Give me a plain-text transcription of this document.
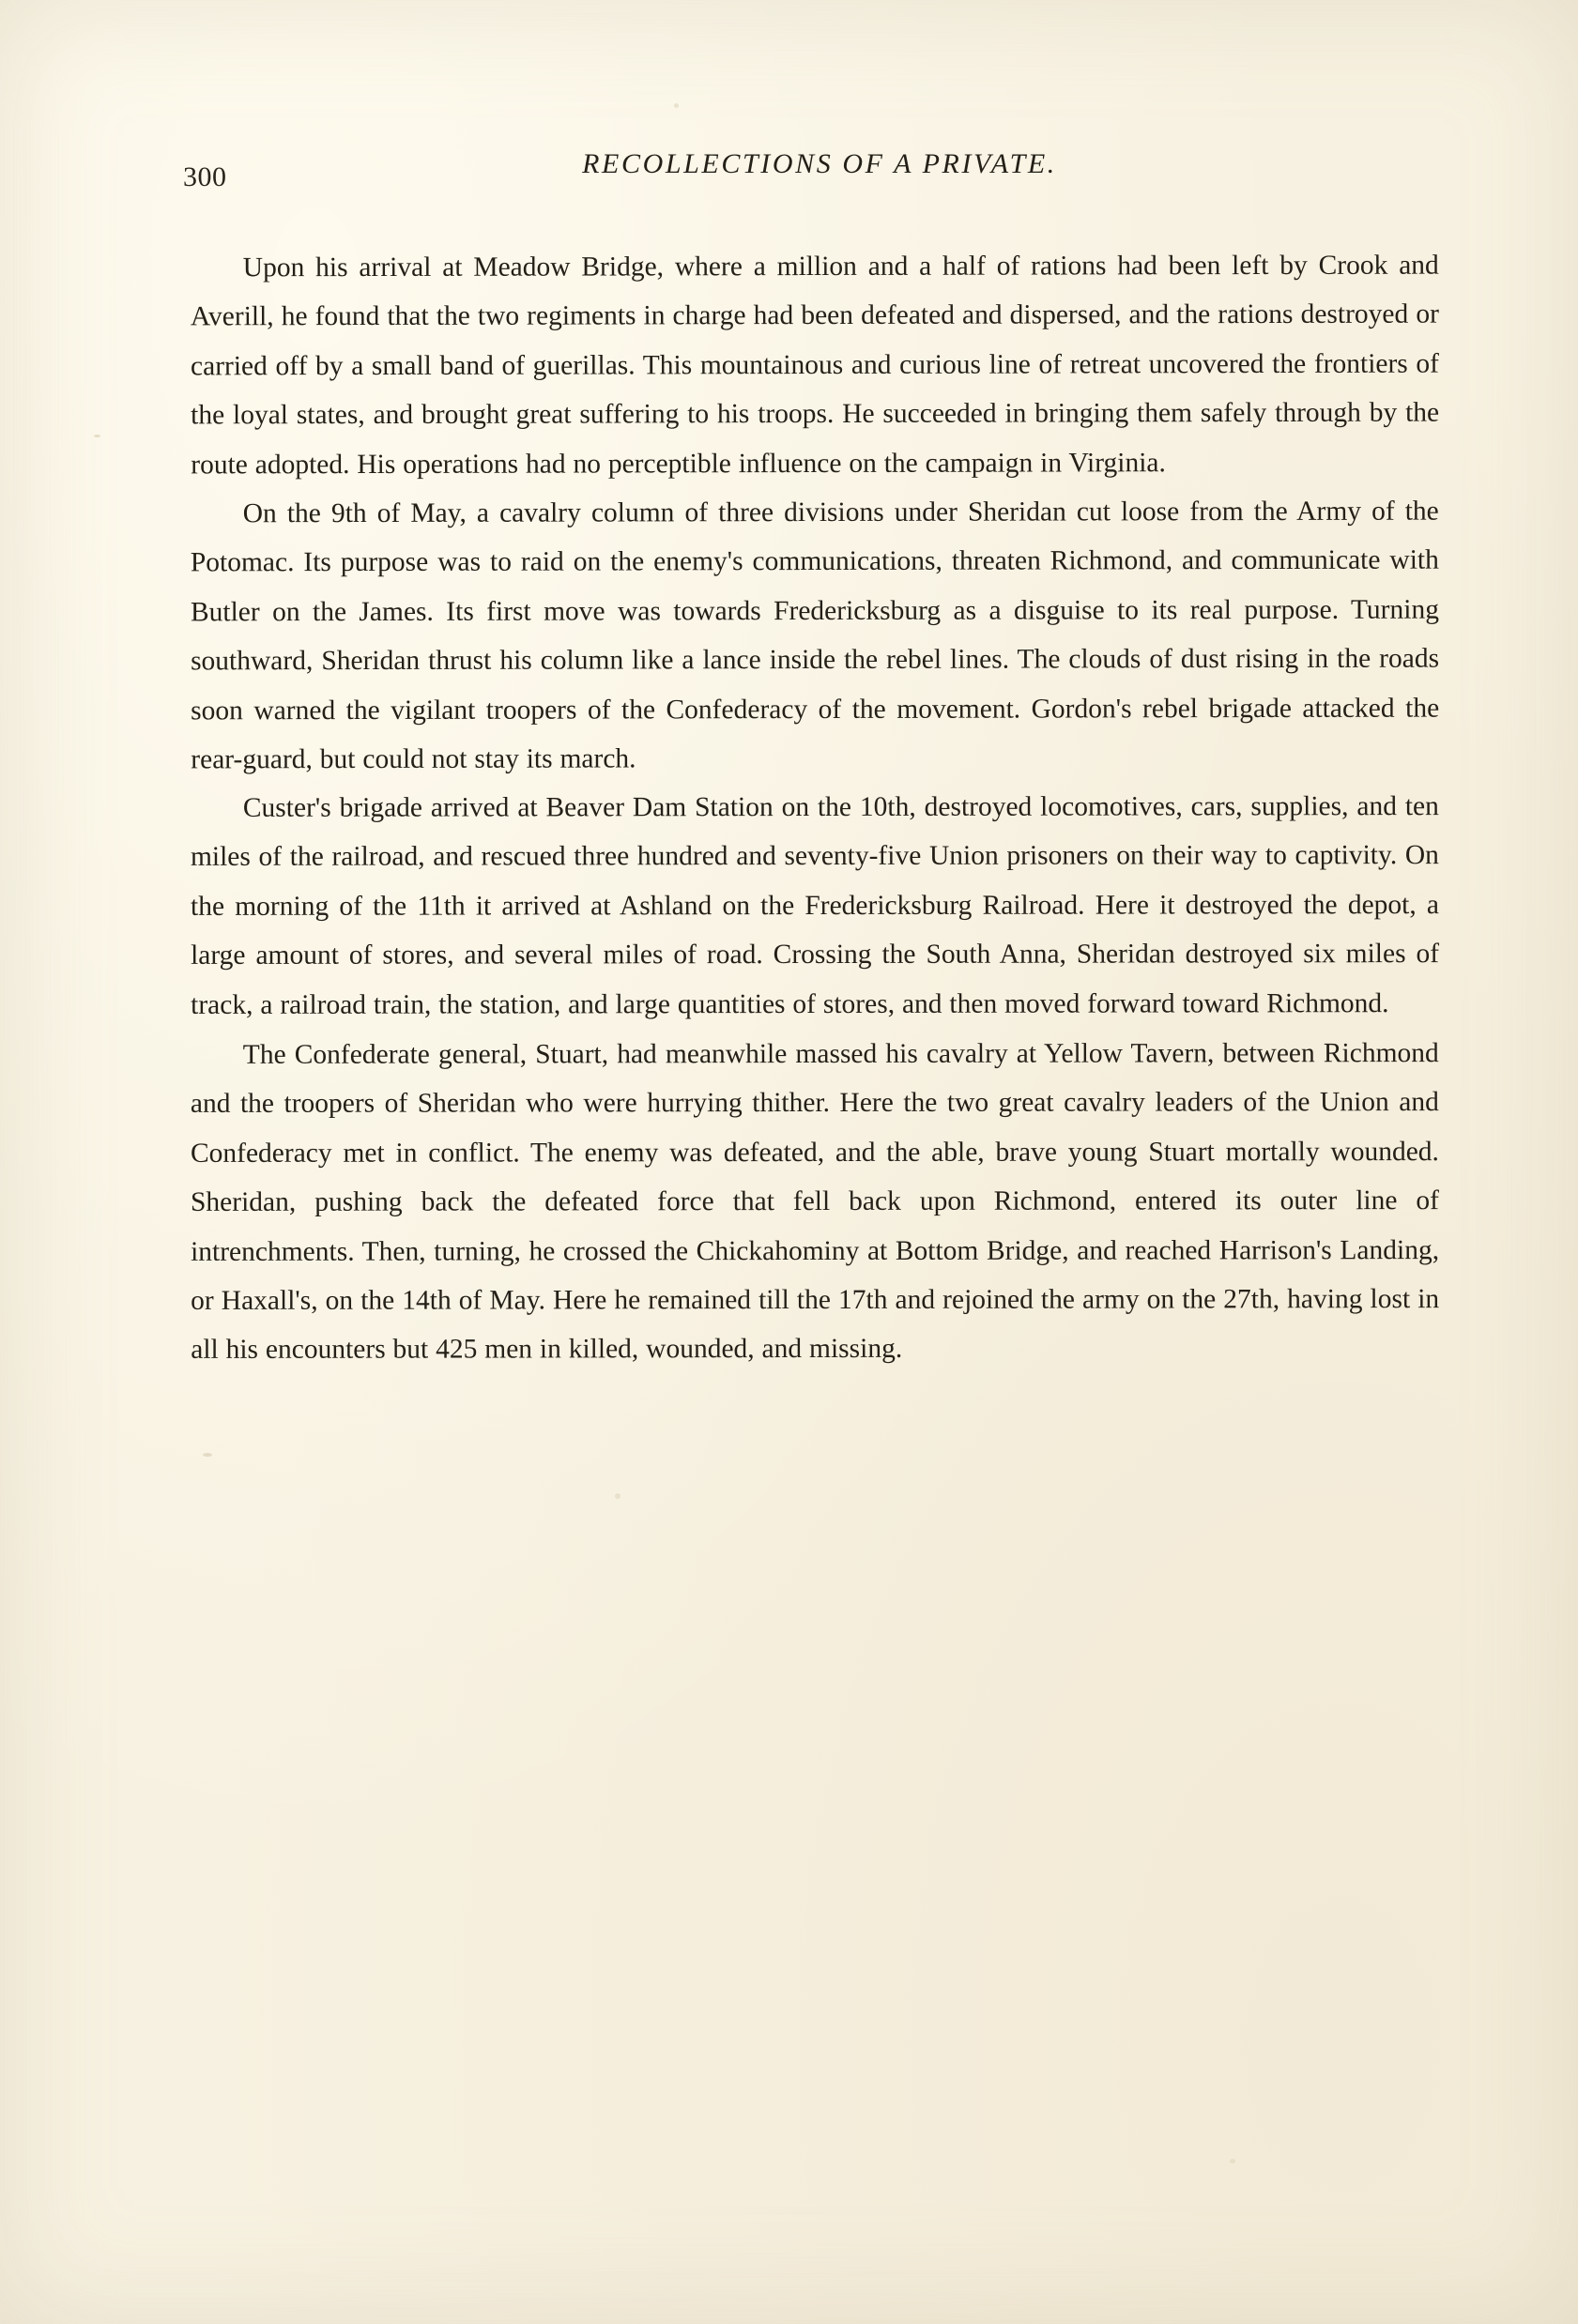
300	RECOLLECTIONS OF A PRIVATE.

Upon his arrival at Meadow Bridge, where a million and a half of rations had been left by Crook and Averill, he found that the two regiments in charge had been defeated and dispersed, and the rations destroyed or carried off by a small band of guerillas. This mountainous and curious line of retreat uncovered the frontiers of the loyal states, and brought great suffering to his troops. He succeeded in bringing them safely through by the route adopted. His operations had no perceptible influence on the campaign in Virginia.

On the 9th of May, a cavalry column of three divisions under Sheridan cut loose from the Army of the Potomac. Its purpose was to raid on the enemy's communications, threaten Richmond, and communicate with Butler on the James. Its first move was towards Fredericksburg as a disguise to its real purpose. Turning southward, Sheridan thrust his column like a lance inside the rebel lines. The clouds of dust rising in the roads soon warned the vigilant troopers of the Confederacy of the movement. Gordon's rebel brigade attacked the rear-guard, but could not stay its march.

Custer's brigade arrived at Beaver Dam Station on the 10th, destroyed locomotives, cars, supplies, and ten miles of the railroad, and rescued three hundred and seventy-five Union prisoners on their way to captivity. On the morning of the 11th it arrived at Ashland on the Fredericksburg Railroad. Here it destroyed the depot, a large amount of stores, and several miles of road. Crossing the South Anna, Sheridan destroyed six miles of track, a railroad train, the station, and large quantities of stores, and then moved forward toward Richmond.

The Confederate general, Stuart, had meanwhile massed his cavalry at Yellow Tavern, between Richmond and the troopers of Sheridan who were hurrying thither. Here the two great cavalry leaders of the Union and Confederacy met in conflict. The enemy was defeated, and the able, brave young Stuart mortally wounded. Sheridan, pushing back the defeated force that fell back upon Richmond, entered its outer line of intrenchments. Then, turning, he crossed the Chickahominy at Bottom Bridge, and reached Harrison's Landing, or Haxall's, on the 14th of May. Here he remained till the 17th and rejoined the army on the 27th, having lost in all his encounters but 425 men in killed, wounded, and missing.
